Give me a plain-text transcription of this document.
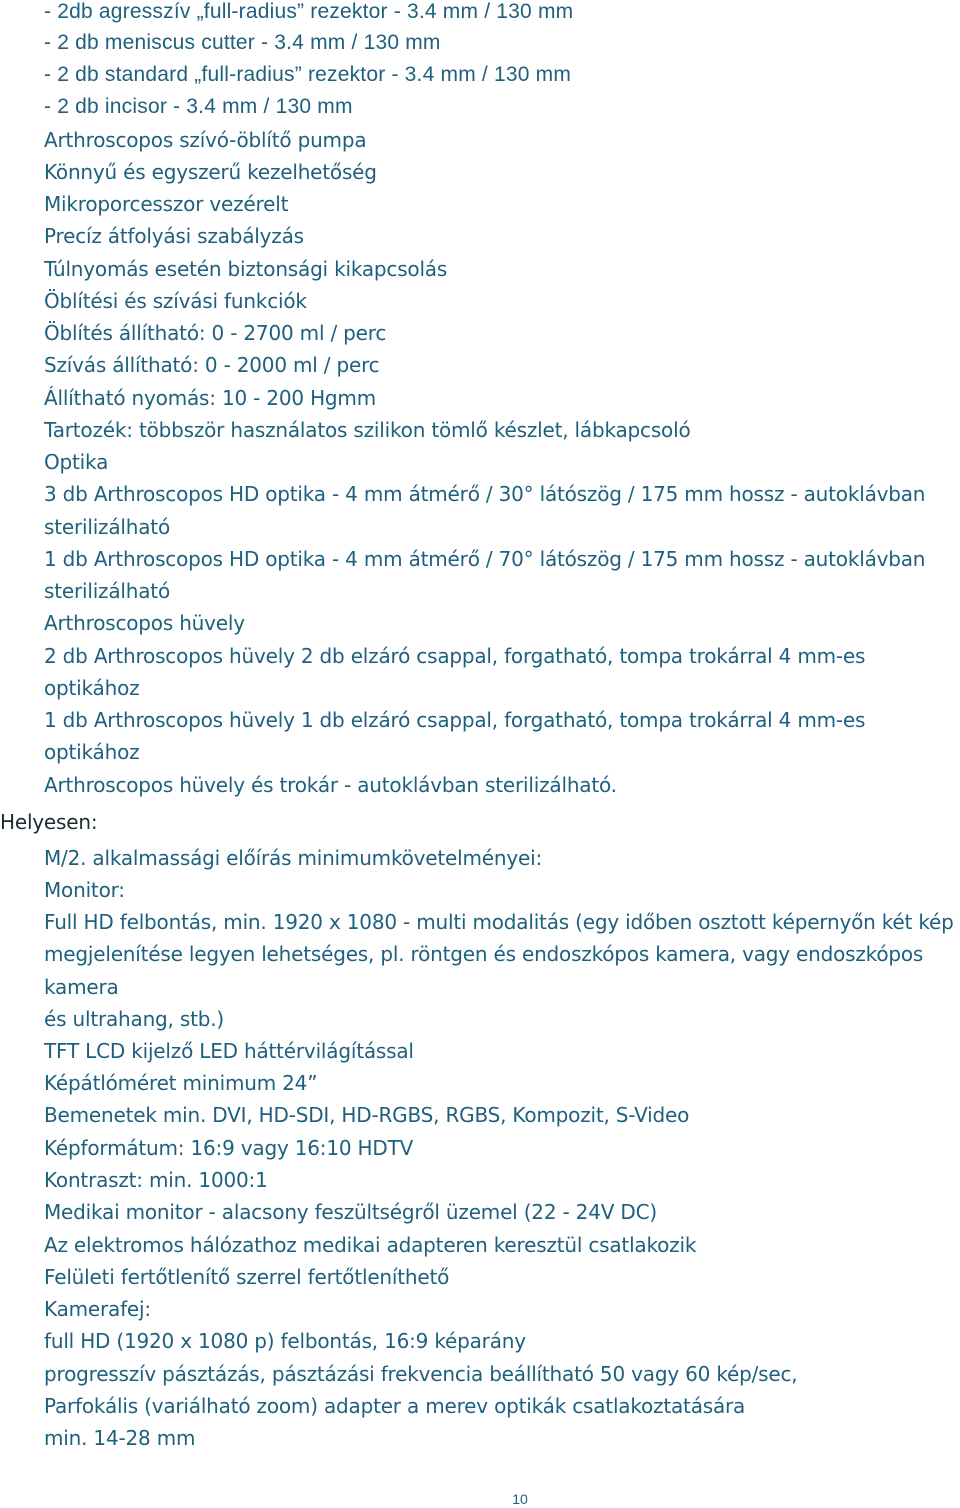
- 2db agresszív „full-radius” rezektor - 3.4 mm / 130 mm
- 2 db meniscus cutter - 3.4 mm / 130 mm
- 2 db standard „full-radius” rezektor - 3.4 mm / 130 mm
- 2 db incisor - 3.4 mm / 130 mm
Arthroscopos szívó-öblítő pumpa
Könnyű és egyszerű kezelhetőség
Mikroporcesszor vezérelt
Precíz átfolyási szabályzás
Túlnyomás esetén biztonsági kikapcsolás
Öblítési és szívási funkciók
Öblítés állítható: 0 - 2700 ml / perc
Szívás állítható: 0 - 2000 ml / perc
Állítható nyomás: 10 - 200 Hgmm
Tartozék: többször használatos szilikon tömlő készlet, lábkapcsoló
Optika
3 db Arthroscopos HD optika - 4 mm átmérő / 30° látószög / 175 mm hossz - autoklávban
sterilizálható
1 db Arthroscopos HD optika - 4 mm átmérő / 70° látószög / 175 mm hossz - autoklávban
sterilizálható
Arthroscopos hüvely
2 db Arthroscopos hüvely 2 db elzáró csappal, forgatható, tompa trokárral 4 mm-es
optikához
1 db Arthroscopos hüvely 1 db elzáró csappal, forgatható, tompa trokárral 4 mm-es
optikához
Arthroscopos hüvely és trokár - autoklávban sterilizálható.
Helyesen:
M/2. alkalmassági előírás minimumkövetelményei:
Monitor:
Full HD felbontás, min. 1920 x 1080 - multi modalitás (egy időben osztott képernyőn két kép
megjelenítése legyen lehetséges, pl. röntgen és endoszkópos kamera, vagy endoszkópos
kamera
és ultrahang, stb.)
TFT LCD kijelző LED háttérvilágítással
Képátlóméret minimum 24”
Bemenetek min. DVI, HD-SDI, HD-RGBS, RGBS, Kompozit, S-Video
Képformátum: 16:9 vagy 16:10 HDTV
Kontraszt: min. 1000:1
Medikai monitor - alacsony feszültségről üzemel (22 - 24V DC)
Az elektromos hálózathoz medikai adapteren keresztül csatlakozik
Felületi fertőtlenítő szerrel fertőtleníthető
Kamerafej:
full HD (1920 x 1080 p) felbontás, 16:9 képarány
progresszív pásztázás, pásztázási frekvencia beállítható 50 vagy 60 kép/sec,
Parfokális (variálható zoom) adapter a merev optikák csatlakoztatására
min. 14-28 mm
10
